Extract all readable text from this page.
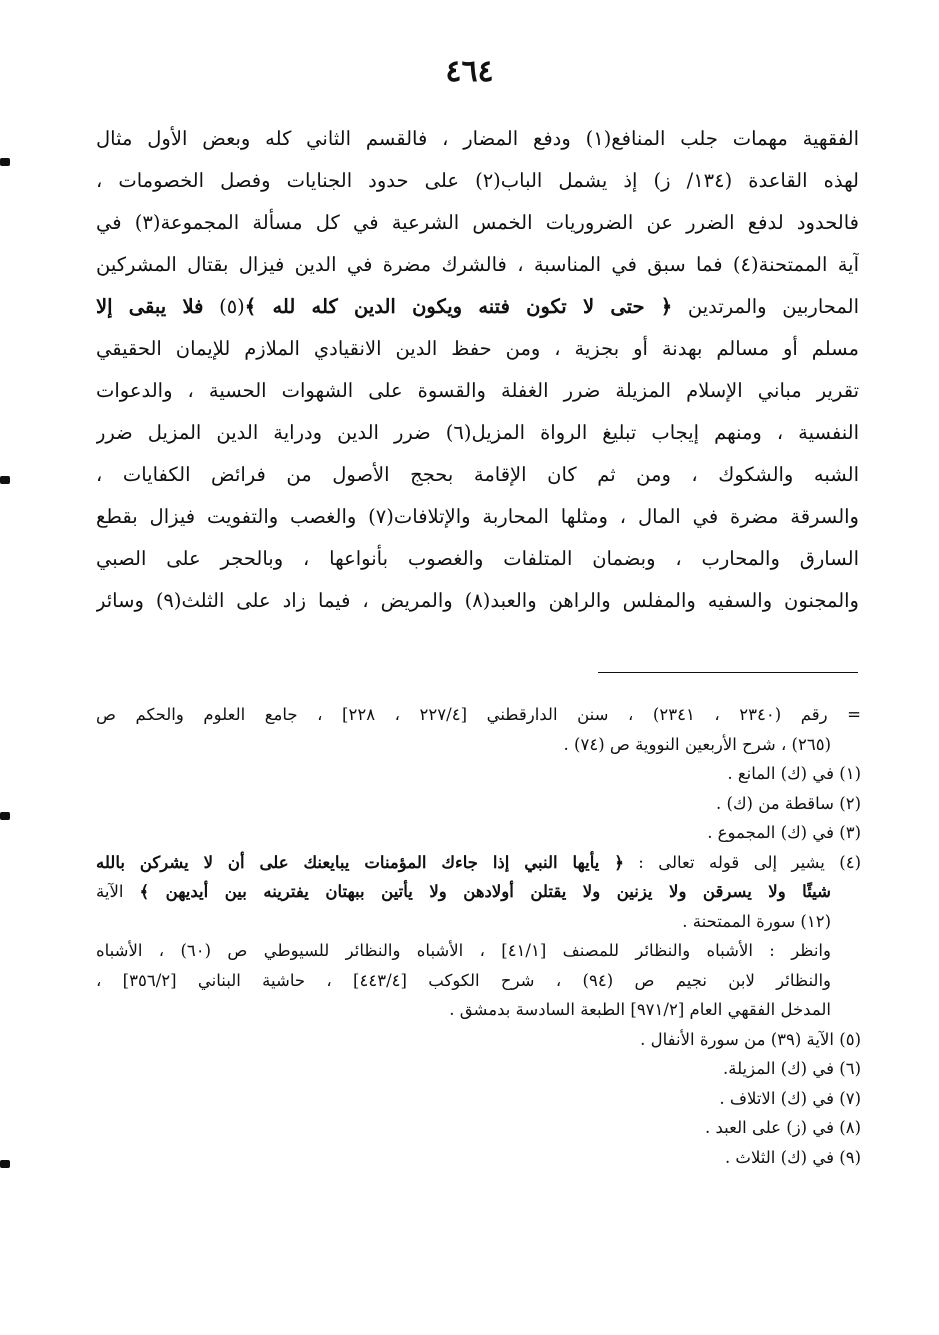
٤٦٤
الفقهية مهمات جلب المنافع(١) ودفع المضار ، فالقسم الثاني كله وبعض الأول مثال
لهذه القاعدة (١٣٤/ ز) إذ يشمل الباب(٢) على حدود الجنايات وفصل الخصومات ،
فالحدود لدفع الضرر عن الضروريات الخمس الشرعية في كل مسألة المجموعة(٣) في
آية الممتحنة(٤) فما سبق في المناسبة ، فالشرك مضرة في الدين فيزال بقتال المشركين
المحاربين والمرتدين ﴿ حتى لا تكون فتنه ويكون الدين كله لله ﴾(٥) فلا يبقى إلا
مسلم أو مسالم بهدنة أو بجزية ، ومن حفظ الدين الانقيادي الملازم للإيمان الحقيقي
تقرير مباني الإسلام المزيلة ضرر الغفلة والقسوة على الشهوات الحسية ، والدعوات
النفسية ، ومنهم إيجاب تبليغ الرواة المزيل(٦) ضرر الدين ودراية الدين المزيل ضرر
الشبه والشكوك ، ومن ثم كان الإقامة بحجج الأصول من فرائض الكفايات ،
والسرقة مضرة في المال ، ومثلها المحاربة والإتلافات(٧) والغصب والتفويت فيزال بقطع
السارق والمحارب ، وبضمان المتلفات والغصوب بأنواعها ، وبالحجر على الصبي
والمجنون والسفيه والمفلس والراهن والعبد(٨) والمريض ، فيما زاد على الثلث(٩) وسائر
= رقم (٢٣٤٠ ، ٢٣٤١) ، سنن الدارقطني [٢٢٧/٤ ، ٢٢٨] ، جامع العلوم والحكم ص
(٢٦٥) ، شرح الأربعين النووية ص (٧٤) .
(١) في (ك) المانع .
(٢) ساقطة من (ك) .
(٣) في (ك) المجموع .
(٤) يشير إلى قوله تعالى : ﴿ يأيها النبي إذا جاءك المؤمنات يبايعنك على أن لا يشركن بالله
شيئًا ولا يسرقن ولا يزنين ولا يقتلن أولادهن ولا يأتين ببهتان يفترينه بين أيديهن ﴾ الآية
(١٢) سورة الممتحنة .
وانظر : الأشباه والنظائر للمصنف [٤١/١] ، الأشباه والنظائر للسيوطي ص (٦٠) ، الأشباه
والنظائر لابن نجيم ص (٩٤) ، شرح الكوكب [٤٤٣/٤] ، حاشية البناني [٣٥٦/٢] ،
المدخل الفقهي العام [٩٧١/٢] الطبعة السادسة بدمشق .
(٥) الآية (٣٩) من سورة الأنفال .
(٦) في (ك) المزيلة.
(٧) في (ك) الاتلاف .
(٨) في (ز) على العبد .
(٩) في (ك) الثلاث .
